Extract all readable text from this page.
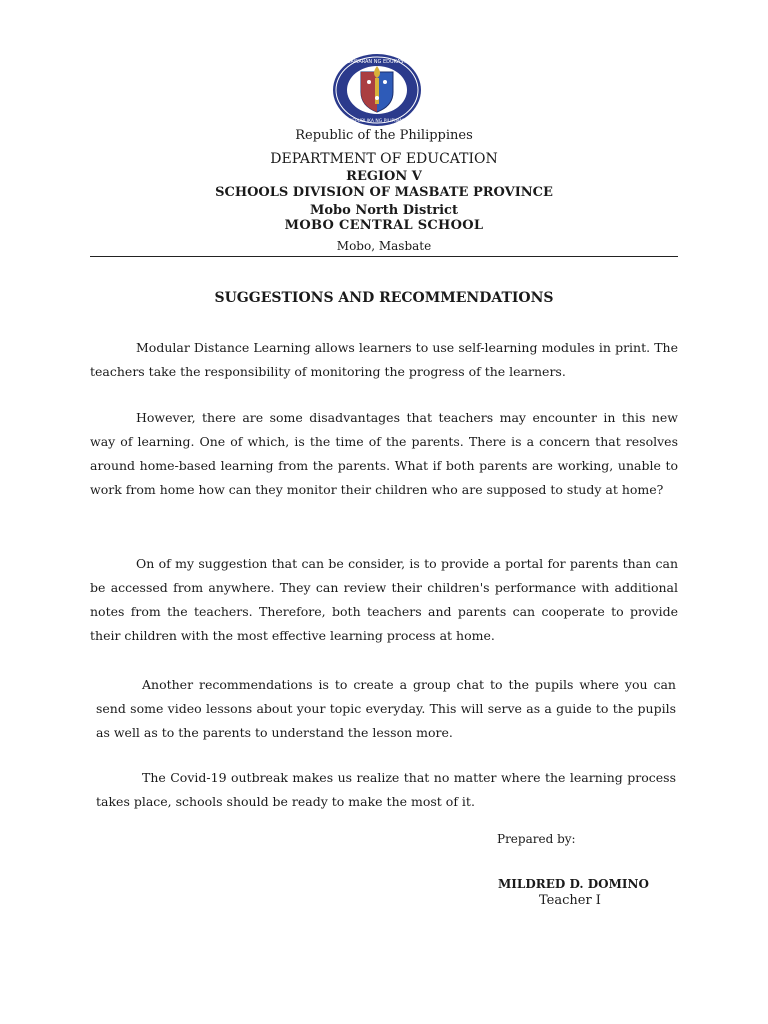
KAGAWARAN NG EDUKASYON
REPUBLIKA NG PILIPINAS
Republic of the Philippines
DEPARTMENT OF EDUCATION
REGION V
SCHOOLS DIVISION OF MASBATE PROVINCE
Mobo North District
MOBO CENTRAL SCHOOL
Mobo, Masbate
SUGGESTIONS AND RECOMMENDATIONS

Modular Distance Learning allows learners to use self-learning modules in print. The teachers take the responsibility of monitoring the progress of the learners.

However, there are some disadvantages that teachers may encounter in this new way of learning. One of which, is the time of the parents. There is a concern that resolves around home-based learning from the parents. What if both parents are working, unable to work from home how can they monitor their children who are supposed to study at home?

On of my suggestion that can be consider, is to provide a portal for parents than can be accessed from anywhere. They can review their children's performance with additional notes from the teachers. Therefore, both teachers and parents can cooperate to provide their children with the most effective learning process at home.

Another recommendations is to create a group chat to the pupils where you can send some video lessons about your topic everyday. This will serve as a guide to the pupils as well as to the parents to understand the lesson more.

The Covid-19 outbreak makes us realize that no matter where the learning process takes place, schools should be ready to make the most of it.

Prepared by:
MILDRED D. DOMINO
Teacher I
